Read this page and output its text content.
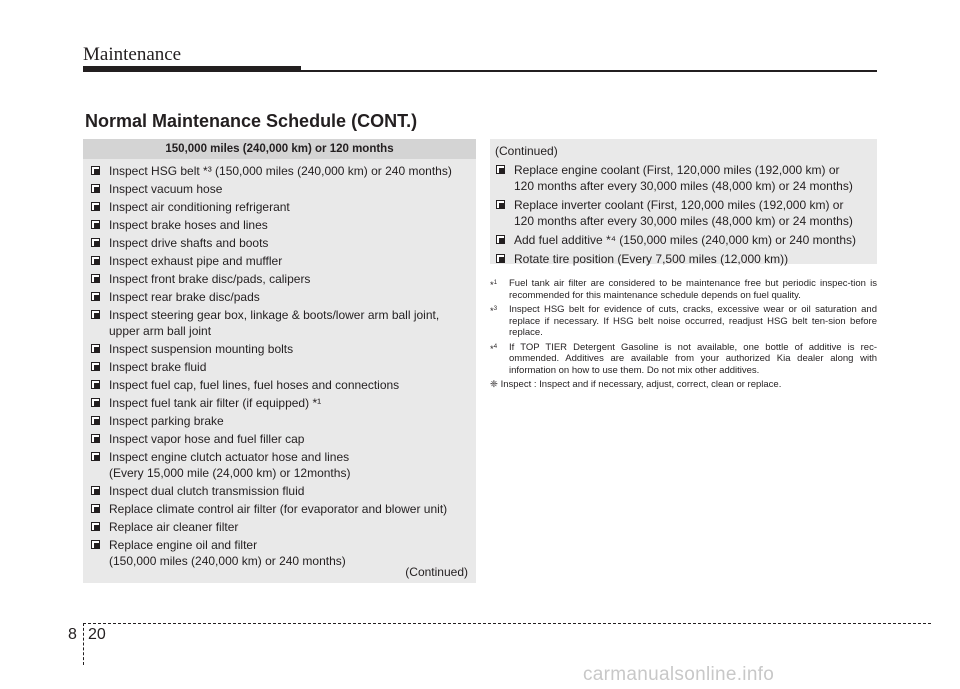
Maintenance
Normal Maintenance Schedule (CONT.)
150,000 miles (240,000 km) or 120 months
Inspect HSG belt *³ (150,000 miles (240,000 km) or 240 months)
Inspect vacuum hose
Inspect air conditioning refrigerant
Inspect brake hoses and lines
Inspect drive shafts and boots
Inspect exhaust pipe and muffler
Inspect front brake disc/pads, calipers
Inspect rear brake disc/pads
Inspect steering gear box, linkage & boots/lower arm ball joint,
upper arm ball joint
Inspect suspension mounting bolts
Inspect brake fluid
Inspect fuel cap, fuel lines, fuel hoses and connections
Inspect fuel tank air filter (if equipped) *¹
Inspect parking brake
Inspect vapor hose and fuel filler cap
Inspect engine clutch actuator hose and lines
(Every 15,000 mile (24,000 km) or 12months)
Inspect dual clutch transmission fluid
Replace climate control air filter (for evaporator and blower unit)
Replace air cleaner filter
Replace engine oil and filter
(150,000 miles (240,000 km) or 240 months)
(Continued)
(Continued)
Replace engine coolant (First, 120,000 miles (192,000 km) or
120 months after every 30,000 miles (48,000 km) or 24 months)
Replace inverter coolant (First, 120,000 miles (192,000 km) or
120 months after every 30,000 miles (48,000 km) or 24 months)
Add fuel additive *⁴ (150,000 miles (240,000 km) or 240 months)
Rotate tire position (Every 7,500 miles (12,000 km))
*$^1$ Fuel tank air filter are considered to be maintenance free but periodic inspec-tion is recommended for this maintenance schedule depends on fuel quality.
*$^3$ Inspect HSG belt for evidence of cuts, cracks, excessive wear or oil saturation and replace if necessary. If HSG belt noise occurred, readjust HSG belt ten-sion before replace.
*$^4$ If TOP TIER Detergent Gasoline is not available, one bottle of additive is rec-ommended. Additives are available from your authorized Kia dealer along with information on how to use them. Do not mix other additives.
❈ Inspect : Inspect and if necessary, adjust, correct, clean or replace.
8 20
carmanualsonline.info
